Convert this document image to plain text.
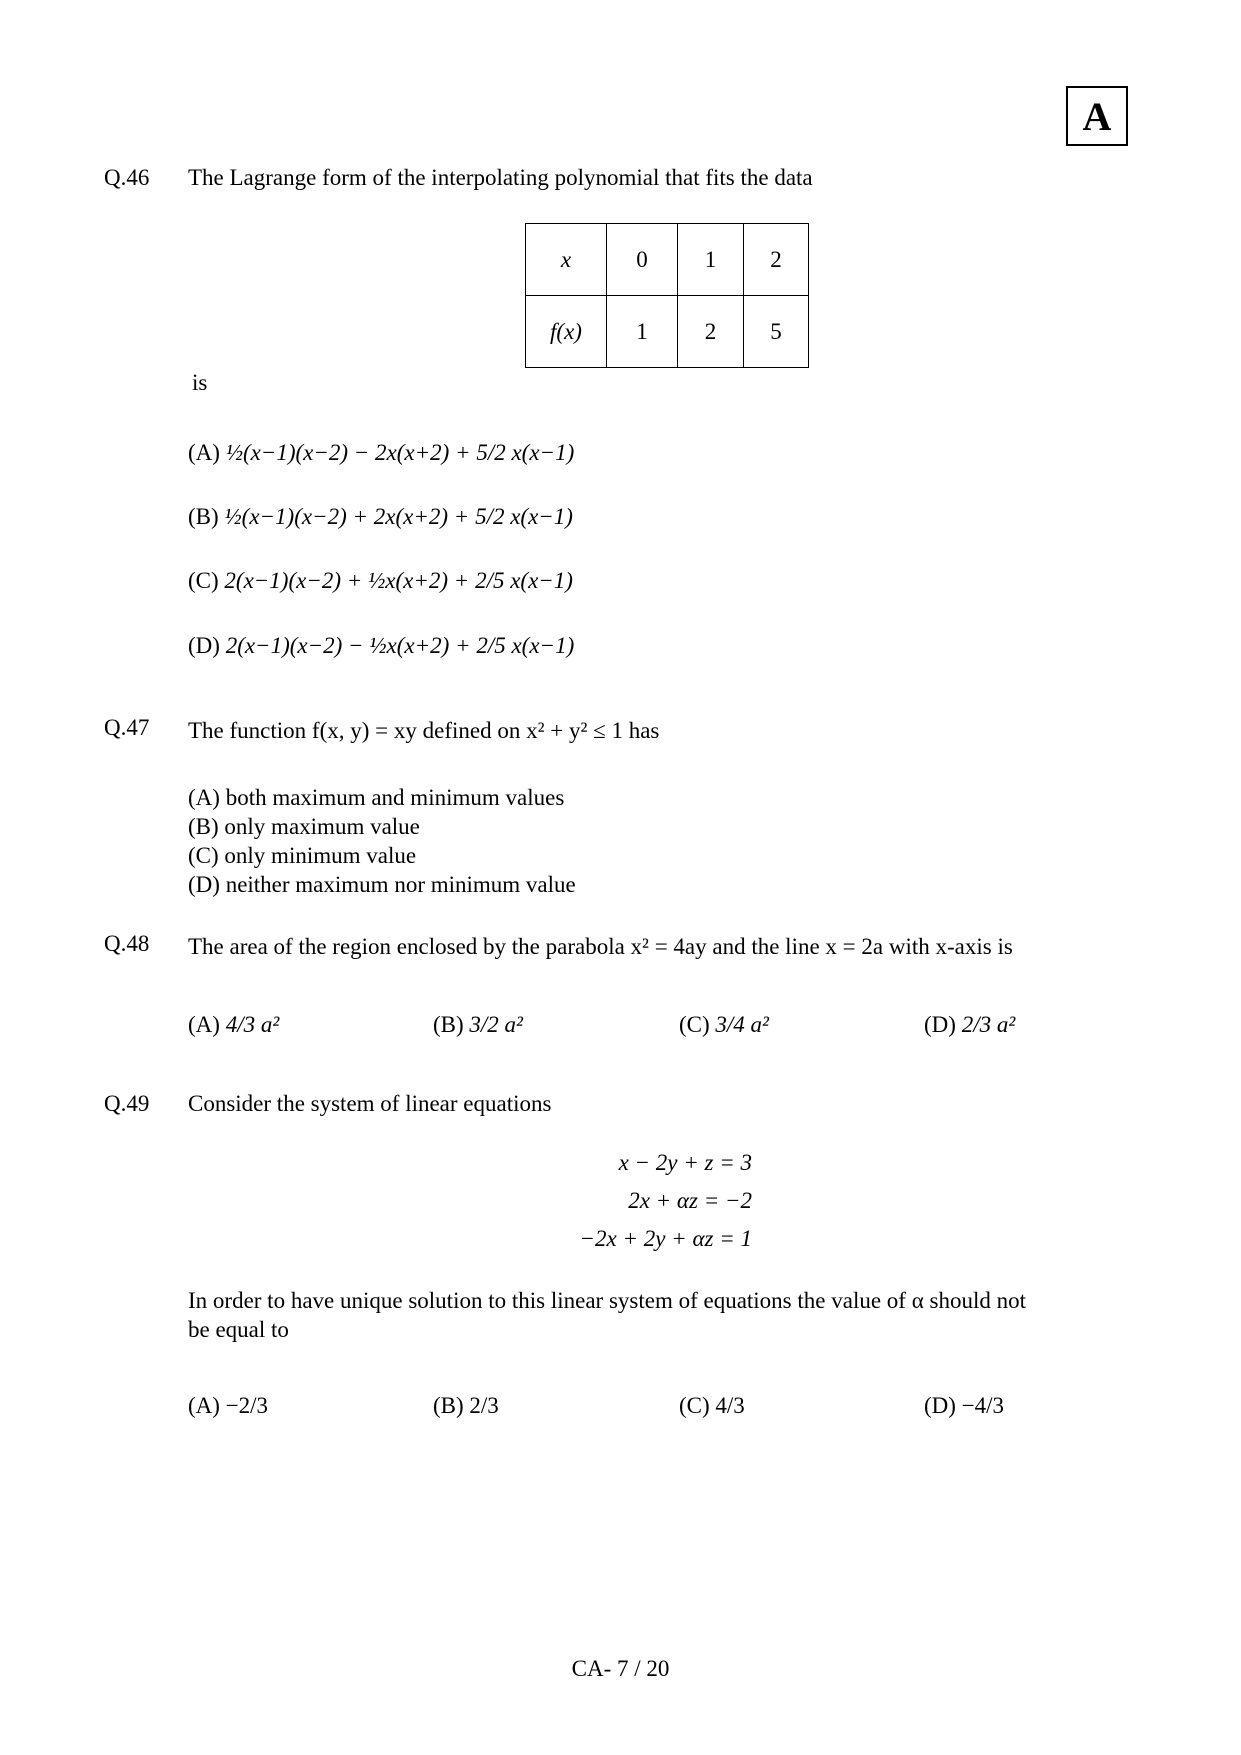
A
Q.46 The Lagrange form of the interpolating polynomial that fits the data
x	0	1	2
f(x)	1	2	5
is
(A) ½(x−1)(x−2) − 2x(x+2) + 5/2 x(x−1)
(B) ½(x−1)(x−2) + 2x(x+2) + 5/2 x(x−1)
(C) 2(x−1)(x−2) + ½x(x+2) + 2/5 x(x−1)
(D) 2(x−1)(x−2) − ½x(x+2) + 2/5 x(x−1)
Q.47 The function f(x, y) = xy defined on x² + y² ≤ 1 has
(A) both maximum and minimum values
(B) only maximum value
(C) only minimum value
(D) neither maximum nor minimum value
Q.48 The area of the region enclosed by the parabola x² = 4ay and the line x = 2a with x-axis is
(A) 4/3 a²	(B) 3/2 a²	(C) 3/4 a²	(D) 2/3 a²
Q.49 Consider the system of linear equations
x − 2y + z = 3
2x + αz = −2
−2x + 2y + αz = 1
In order to have unique solution to this linear system of equations the value of α should not
be equal to
(A) −2/3	(B) 2/3	(C) 4/3	(D) −4/3
CA- 7 / 20
